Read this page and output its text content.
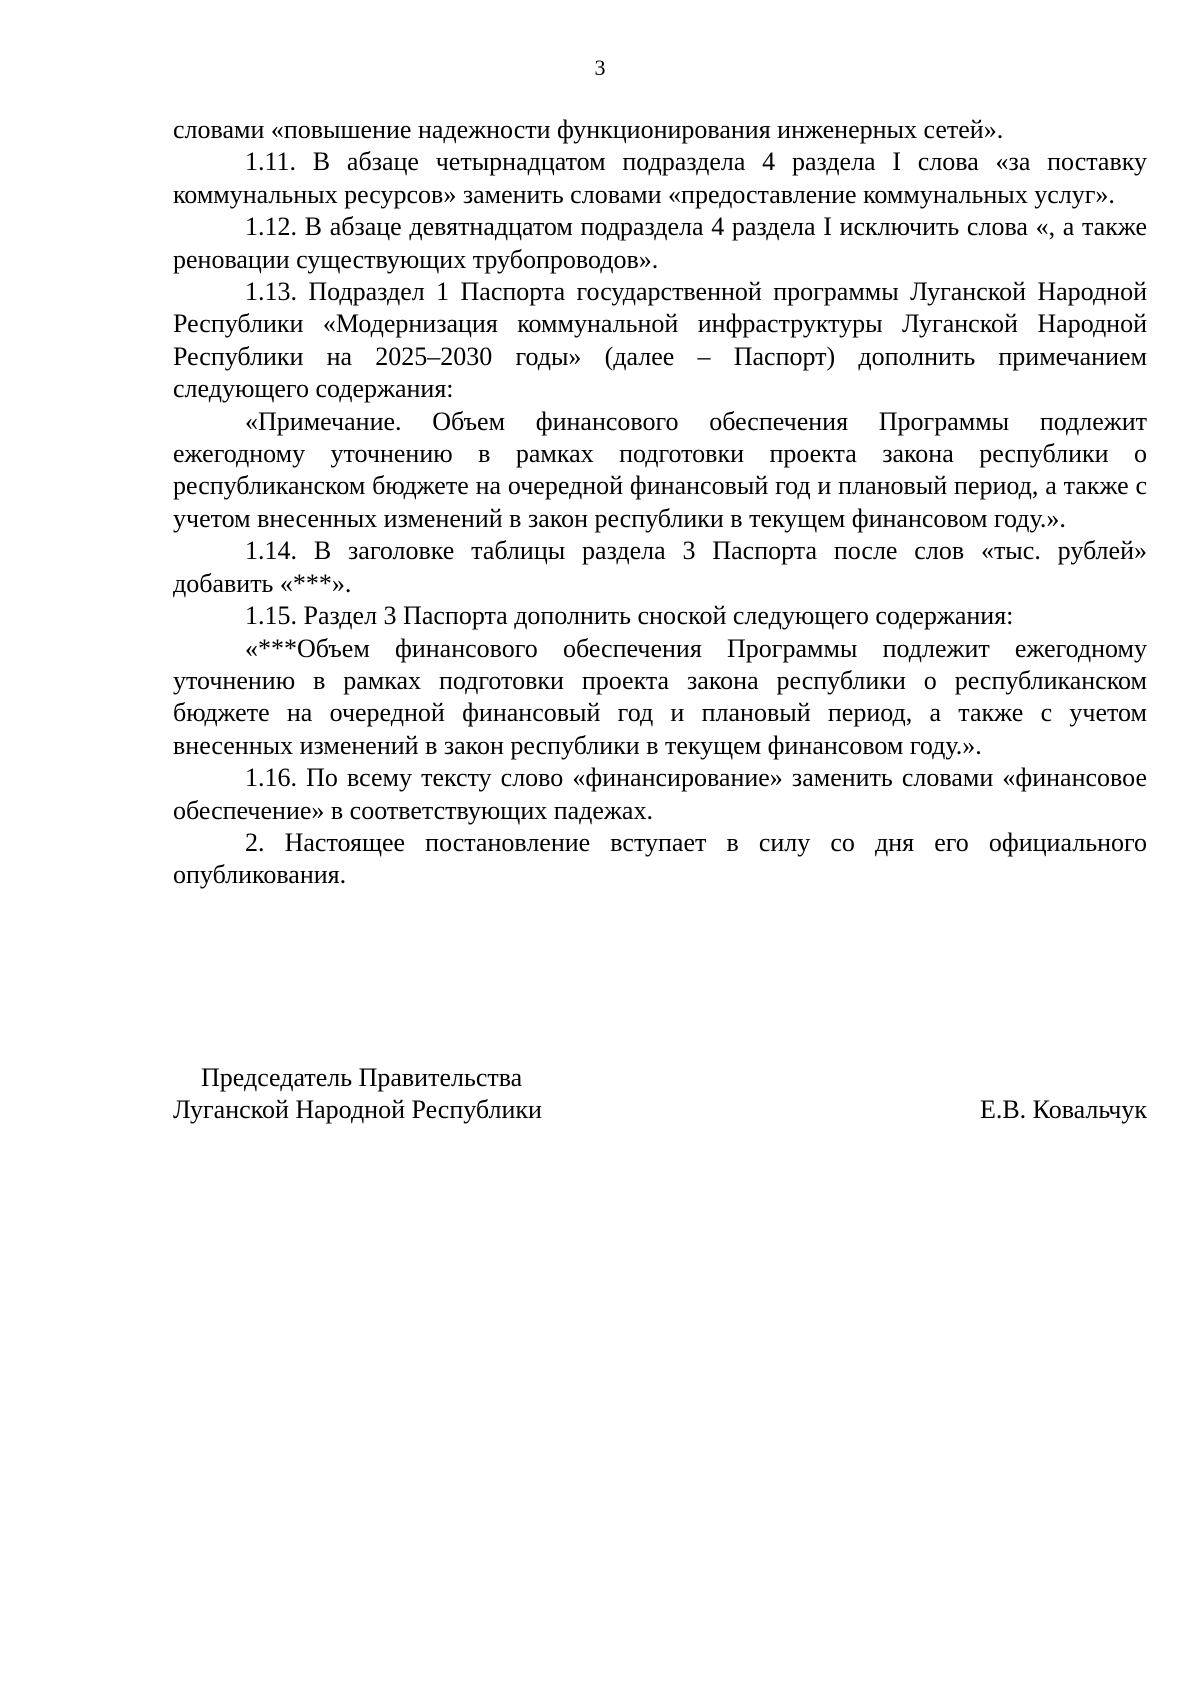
3

словами «повышение надежности функционирования инженерных сетей».

1.11. В абзаце четырнадцатом подраздела 4 раздела I слова «за поставку коммунальных ресурсов» заменить словами «предоставление коммунальных услуг».

1.12. В абзаце девятнадцатом подраздела 4 раздела I исключить слова «, а также реновации существующих трубопроводов».

1.13. Подраздел 1 Паспорта государственной программы Луганской Народной Республики «Модернизация коммунальной инфраструктуры Луганской Народной Республики на 2025–2030 годы» (далее – Паспорт) дополнить примечанием следующего содержания:

«Примечание. Объем финансового обеспечения Программы подлежит ежегодному уточнению в рамках подготовки проекта закона республики о республиканском бюджете на очередной финансовый год и плановый период, а также с учетом внесенных изменений в закон республики в текущем финансовом году.».

1.14. В заголовке таблицы раздела 3 Паспорта после слов «тыс. рублей» добавить «***».

1.15. Раздел 3 Паспорта дополнить сноской следующего содержания:

«***Объем финансового обеспечения Программы подлежит ежегодному уточнению в рамках подготовки проекта закона республики о республиканском бюджете на очередной финансовый год и плановый период, а также с учетом внесенных изменений в закон республики в текущем финансовом году.».

1.16. По всему тексту слово «финансирование» заменить словами «финансовое обеспечение» в соответствующих падежах.

2. Настоящее постановление вступает в силу со дня его официального опубликования.

Председатель Правительства
Луганской Народной Республики	Е.В. Ковальчук
